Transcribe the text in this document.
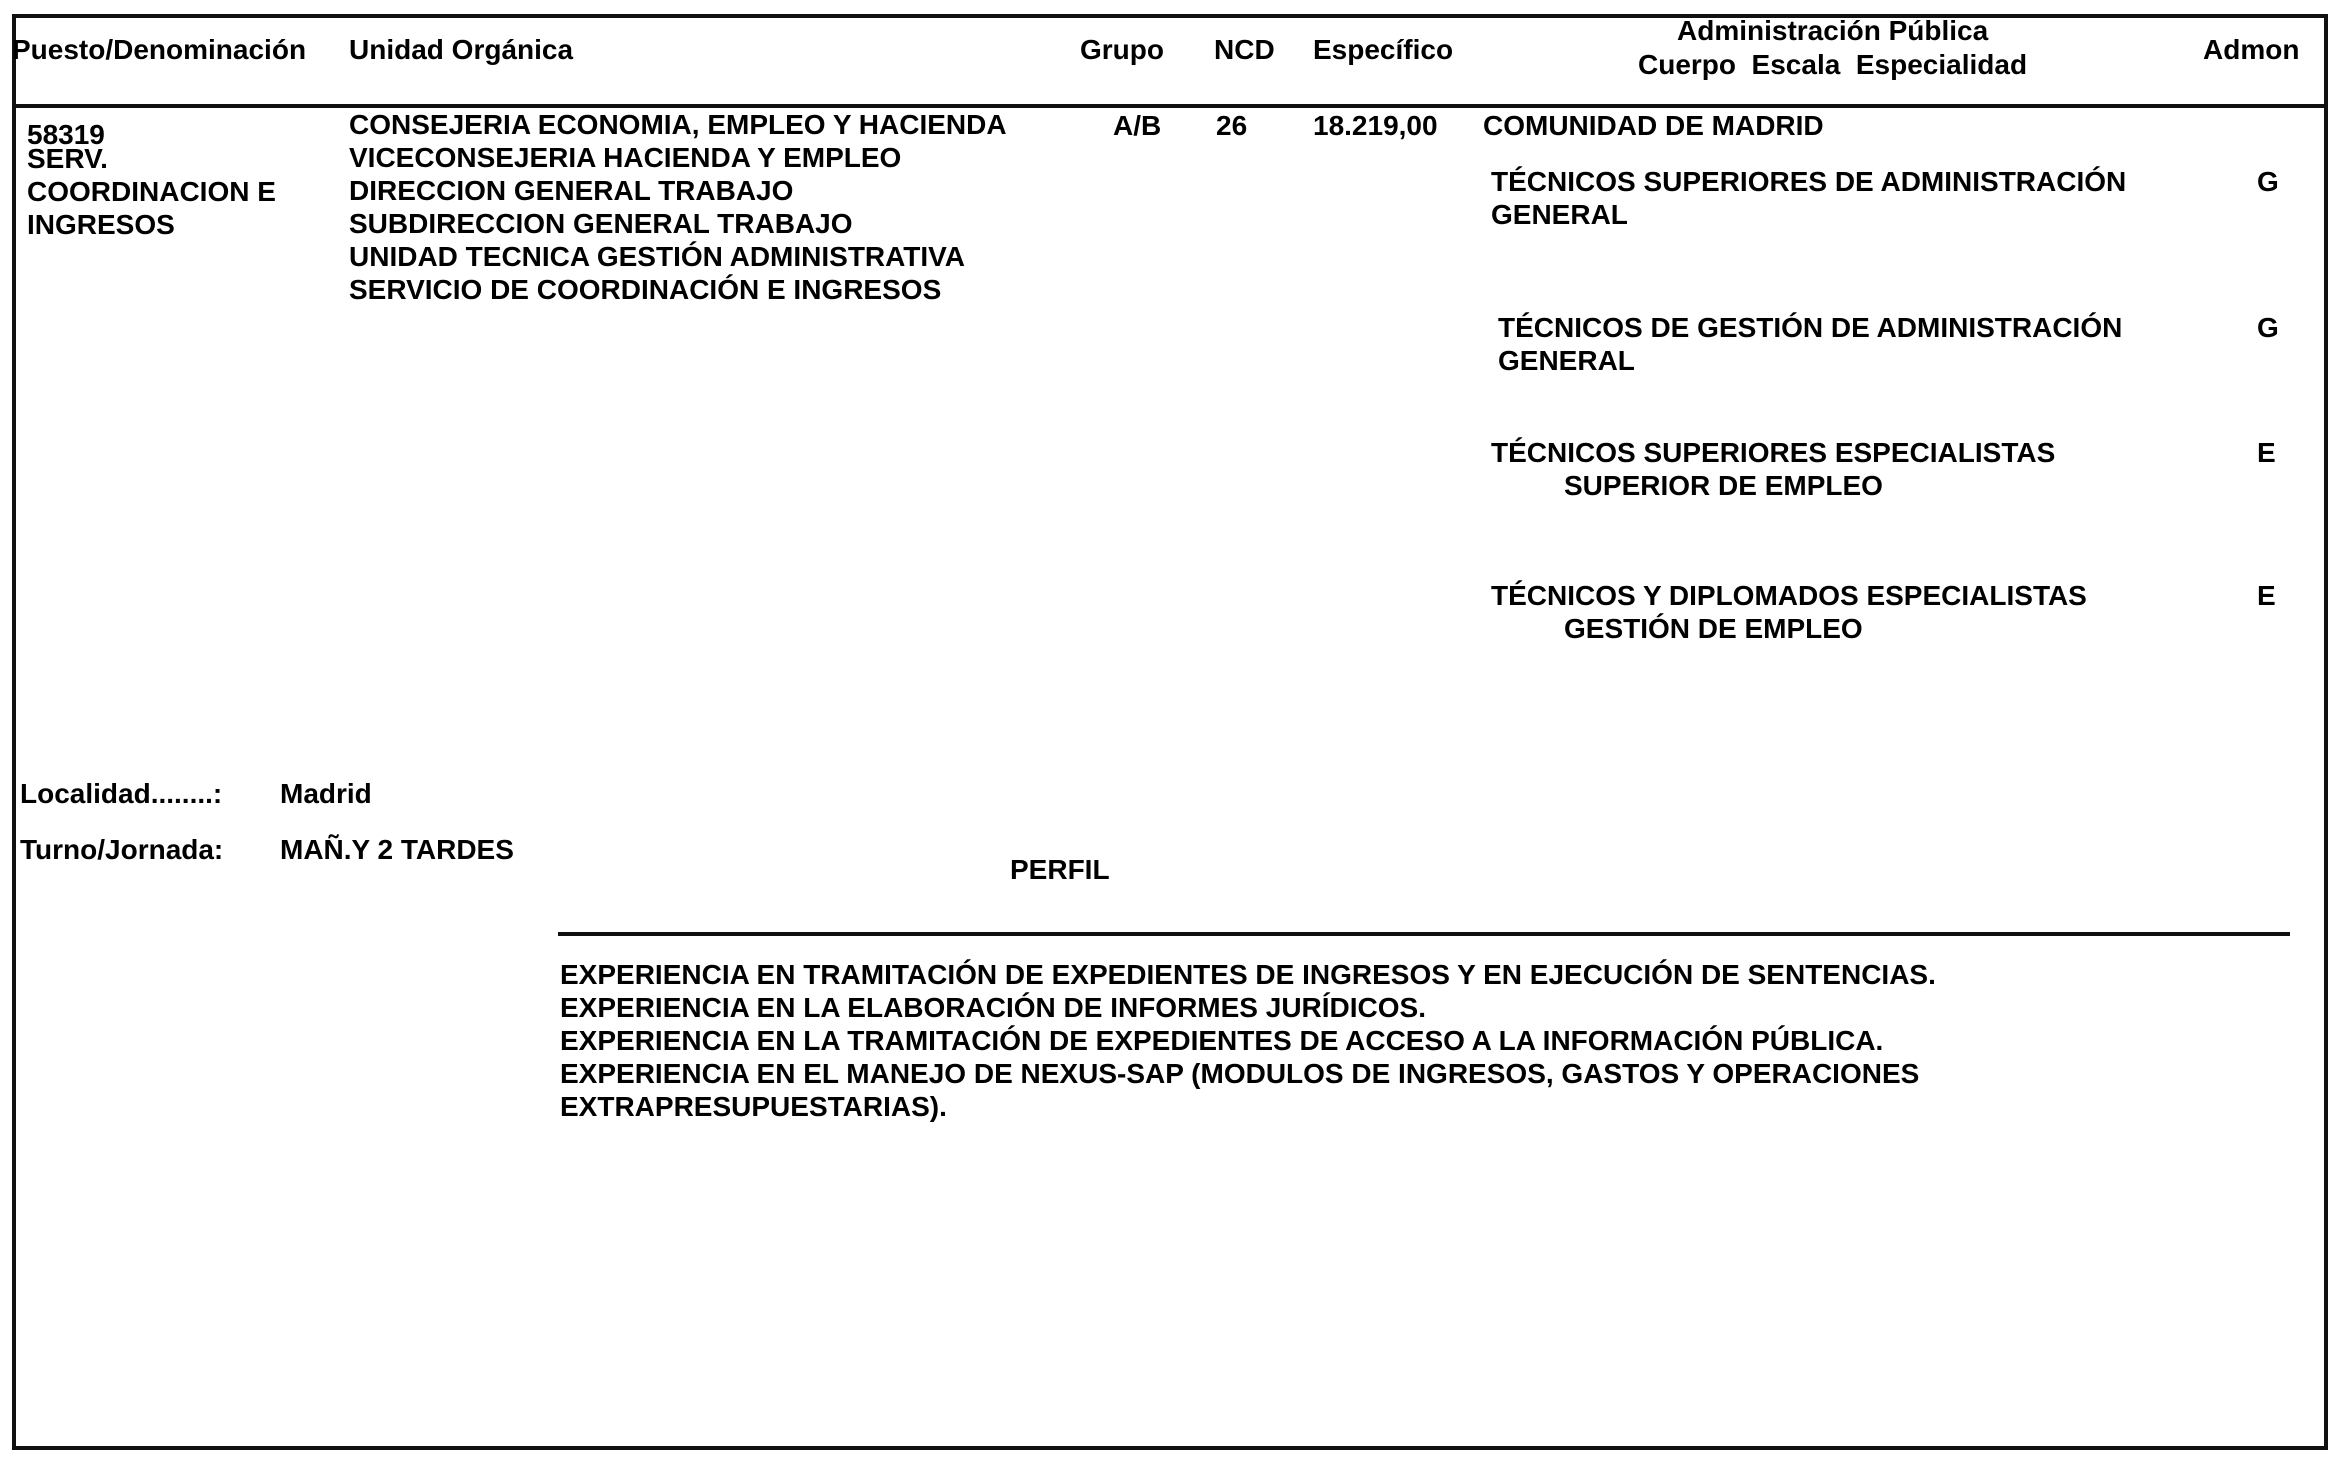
Puesto/Denominación Unidad Orgánica	Grupo NCD Específico
Administración Pública
Cuerpo  Escala  Especialidad	Admon
58319
SERV.
COORDINACION E
INGRESOS
CONSEJERIA ECONOMIA, EMPLEO Y HACIENDA
VICECONSEJERIA HACIENDA Y EMPLEO
DIRECCION GENERAL TRABAJO
SUBDIRECCION GENERAL TRABAJO
UNIDAD TECNICA GESTIÓN ADMINISTRATIVA
SERVICIO DE COORDINACIÓN E INGRESOS
A/B 26 18.219,00 COMUNIDAD DE MADRID
TÉCNICOS SUPERIORES DE ADMINISTRACIÓN
GENERAL
G
TÉCNICOS DE GESTIÓN DE ADMINISTRACIÓN
GENERAL
G
TÉCNICOS SUPERIORES ESPECIALISTAS
SUPERIOR DE EMPLEO
E
TÉCNICOS Y DIPLOMADOS ESPECIALISTAS
GESTIÓN DE EMPLEO
E
Localidad........: Madrid
Turno/Jornada: MAÑ.Y 2 TARDES
PERFIL
EXPERIENCIA EN TRAMITACIÓN DE EXPEDIENTES DE INGRESOS Y EN EJECUCIÓN DE SENTENCIAS.
EXPERIENCIA EN LA ELABORACIÓN DE INFORMES JURÍDICOS.
EXPERIENCIA EN LA TRAMITACIÓN DE EXPEDIENTES DE ACCESO A LA INFORMACIÓN PÚBLICA.
EXPERIENCIA EN EL MANEJO DE NEXUS-SAP (MODULOS DE INGRESOS, GASTOS Y OPERACIONES
EXTRAPRESUPUESTARIAS).
